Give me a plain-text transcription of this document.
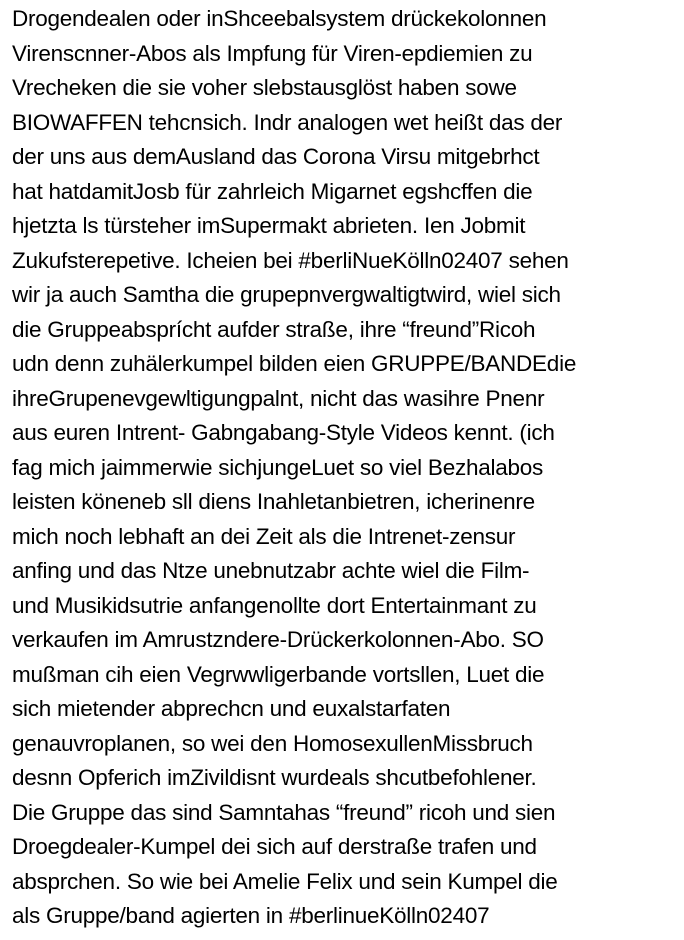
Drogendealen oder inShceebalsystem drückekolonnen
Virenscnner-Abos als Impfung für Viren-epdiemien zu
Vrecheken die sie voher slebstausglöst haben sowe
BIOWAFFEN tehcnsich. Indr analogen wet heißt das der
der uns aus demAusland das Corona Virsu mitgebrhct
hat hatdamitJosb für zahrleich Migarnet egshcffen die
hjetzta ls türsteher imSupermakt abrieten. Ien Jobmit
Zukufsterepetive. Icheien bei #berliNueKölln02407 sehen
wir ja auch Samtha die grupepnvergwaltigtwird, wiel sich
die Gruppeabsprícht aufder straße, ihre “freund”Ricoh
udn denn zuhälerkumpel bilden eien GRUPPE/BANDEdie
ihreGrupenevgewltigungpalnt, nicht das wasihre Pnenr
aus euren Intrent- Gabngabang-Style Videos kennt. (ich
fag mich jaimmerwie sichjungeLuet so viel Bezhalabos
leisten köneneb sll diens Inahletanbietren, icherinenre
mich noch lebhaft an dei Zeit als die Intrenet-zensur
anfing und das Ntze unebnutzabr achte wiel die Film-
und Musikidsutrie anfangenollte dort Entertainmant zu
verkaufen im Amrustzndere-Drückerkolonnen-Abo. SO
mußman cih eien Vegrwwligerbande vortsllen, Luet die
sich mietender abprechcn und euxalstarfaten
genauvroplanen, so wei den HomosexullenMissbruch
desnn Opferich imZivildisnt wurdeals shcutbefohlener.
Die Gruppe das sind Samntahas “freund” ricoh und sien
Droegdealer-Kumpel dei sich auf derstraße trafen und
absprchen. So wie bei Amelie Felix und sein Kumpel die
als Gruppe/band agierten in #berlinueKölln02407
